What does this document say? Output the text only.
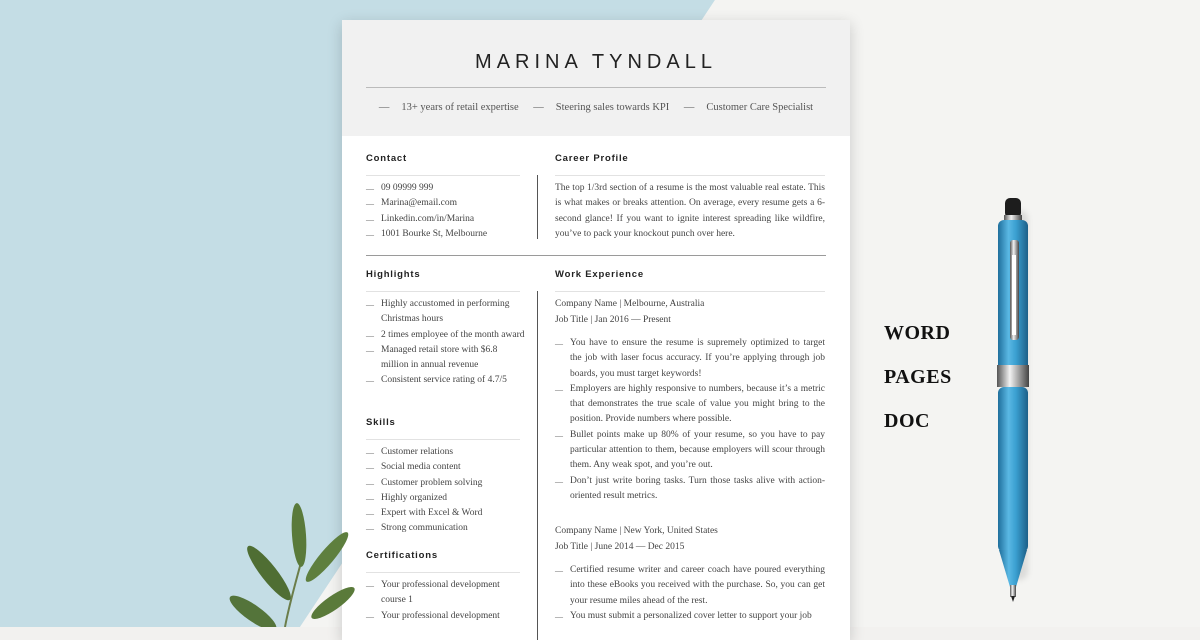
MARINA TYNDALL
— 13+ years of retail expertise — Steering sales towards KPI — Customer Care Specialist
Contact
— 09 09999 999
— Marina@email.com
— Linkedin.com/in/Marina
— 1001 Bourke St, Melbourne
Career Profile
The top 1/3rd section of a resume is the most valuable real estate. This is what makes or breaks attention. On average, every resume gets a 6-second glance! If you want to ignite interest spreading like wildfire, you’ve to pack your knockout punch over here.
Highlights
— Highly accustomed in performing Christmas hours
— 2 times employee of the month award
— Managed retail store with $6.8 million in annual revenue
— Consistent service rating of 4.7/5
Skills
— Customer relations
— Social media content
— Customer problem solving
— Highly organized
— Expert with Excel & Word
— Strong communication
Certifications
— Your professional development course 1
— Your professional development
Work Experience
Company Name | Melbourne, Australia
Job Title | Jan 2016 — Present
— You have to ensure the resume is supremely optimized to target the job with laser focus accuracy. If you’re applying through job boards, you must target keywords!
— Employers are highly responsive to numbers, because it’s a metric that demonstrates the true scale of value you might bring to the position. Provide numbers where possible.
— Bullet points make up 80% of your resume, so you have to pay particular attention to them, because employers will scour through them. Any weak spot, and you’re out.
— Don’t just write boring tasks. Turn those tasks alive with action-oriented result metrics.
Company Name | New York, United States
Job Title | June 2014 — Dec 2015
— Certified resume writer and career coach have poured everything into these eBooks you received with the purchase. So, you can get your resume miles ahead of the rest.
— You must submit a personalized cover letter to support your job
WORD
PAGES
DOC
